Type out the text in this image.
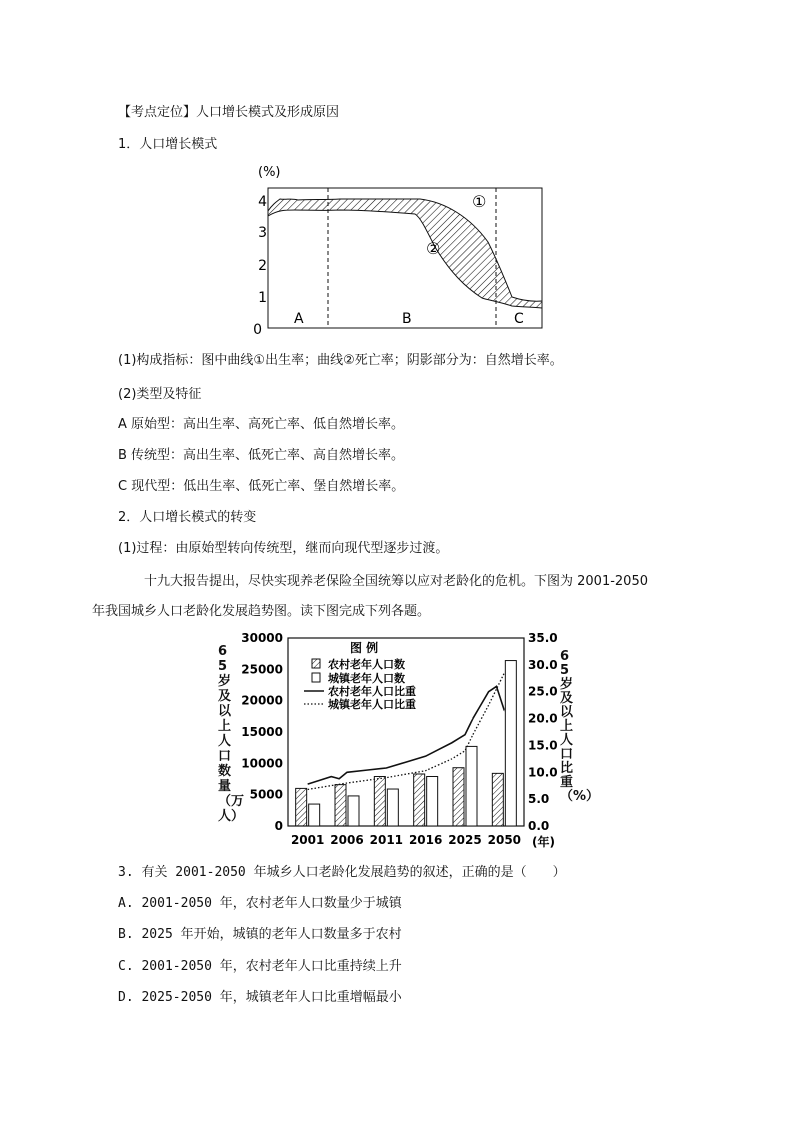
【考点定位】人口增长模式及形成原因
1．人口增长模式
(%)
0
1
2
3
4	①
②
A	B	C
(1)构成指标：图中曲线①出生率；曲线②死亡率；阴影部分为：自然增长率。
(2)类型及特征
A 原始型：高出生率、高死亡率、低自然增长率。
B 传统型：高出生率、低死亡率、高自然增长率。
C 现代型：低出生率、低死亡率、堡自然增长率。
2．人口增长模式的转变
(1)过程：由原始型转向传统型，继而向现代型逐步过渡。
十九大报告提出，尽快实现养老保险全国统筹以应对老龄化的危机。下图为 2001-2050
年我国城乡人口老龄化发展趋势图。读下图完成下列各题。
0
5000
10000
15000
20000
25000
30000
0.0
5.0
10.0
15.0
20.0
25.0
30.0
35.0
2001 2006 2011 2016 2025 2050 (年)
图 例
农村老年人口数
城镇老年人口数
农村老年人口比重
城镇老年人口比重
65岁及以上人口数量（万人）
65岁及以上人口比重（%）
3. 有关 2001-2050 年城乡人口老龄化发展趋势的叙述，正确的是（　　）
A. 2001-2050 年，农村老年人口数量少于城镇
B. 2025 年开始，城镇的老年人口数量多于农村
C. 2001-2050 年，农村老年人口比重持续上升
D. 2025-2050 年，城镇老年人口比重增幅最小
